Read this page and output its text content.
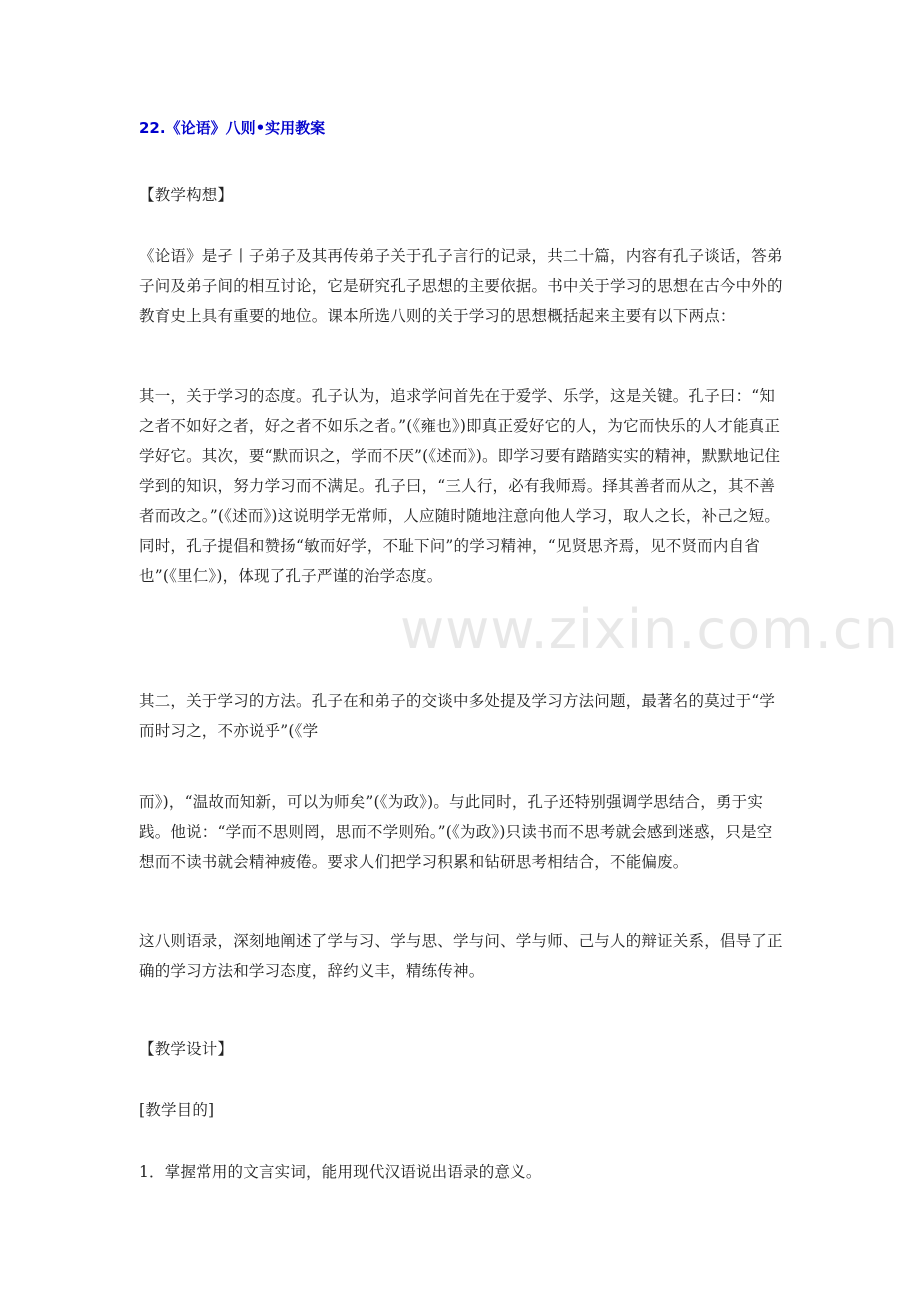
22.《论语》八则•实用教案

【教学构想】

《论语》是孑丨子弟子及其再传弟子关于孔子言行的记录，共二十篇，内容有孔子谈话，答弟子问及弟子间的相互讨论，它是研究孔子思想的主要依据。书中关于学习的思想在古今中外的教育史上具有重要的地位。课本所选八则的关于学习的思想概括起来主要有以下两点：

其一，关于学习的态度。孔子认为，追求学问首先在于爱学、乐学，这是关键。孔子曰：“知之者不如好之者，好之者不如乐之者。”(《雍也》)即真正爱好它的人，为它而快乐的人才能真正学好它。其次，要“默而识之，学而不厌”(《述而》)。即学习要有踏踏实实的精神，默默地记住学到的知识，努力学习而不满足。孔子曰，“三人行，必有我师焉。择其善者而从之，其不善者而改之。”(《述而》)这说明学无常师，人应随时随地注意向他人学习，取人之长，补己之短。同时，孔子提倡和赞扬“敏而好学，不耻下问”的学习精神，“见贤思齐焉，见不贤而内自省也”(《里仁》)，体现了孔子严谨的治学态度。

其二，关于学习的方法。孔子在和弟子的交谈中多处提及学习方法问题，最著名的莫过于“学而时习之，不亦说乎”(《学

而》)，“温故而知新，可以为师矣”(《为政》)。与此同时，孔子还特别强调学思结合，勇于实践。他说：“学而不思则罔，思而不学则殆。”(《为政》)只读书而不思考就会感到迷惑，只是空想而不读书就会精神疲倦。要求人们把学习积累和钻研思考相结合，不能偏废。

这八则语录，深刻地阐述了学与习、学与思、学与问、学与师、己与人的辩证关系，倡导了正确的学习方法和学习态度，辞约义丰，精练传神。

【教学设计】

[教学目的]

1．掌握常用的文言实词，能用现代汉语说出语录的意义。

www.zixin.com.cn
